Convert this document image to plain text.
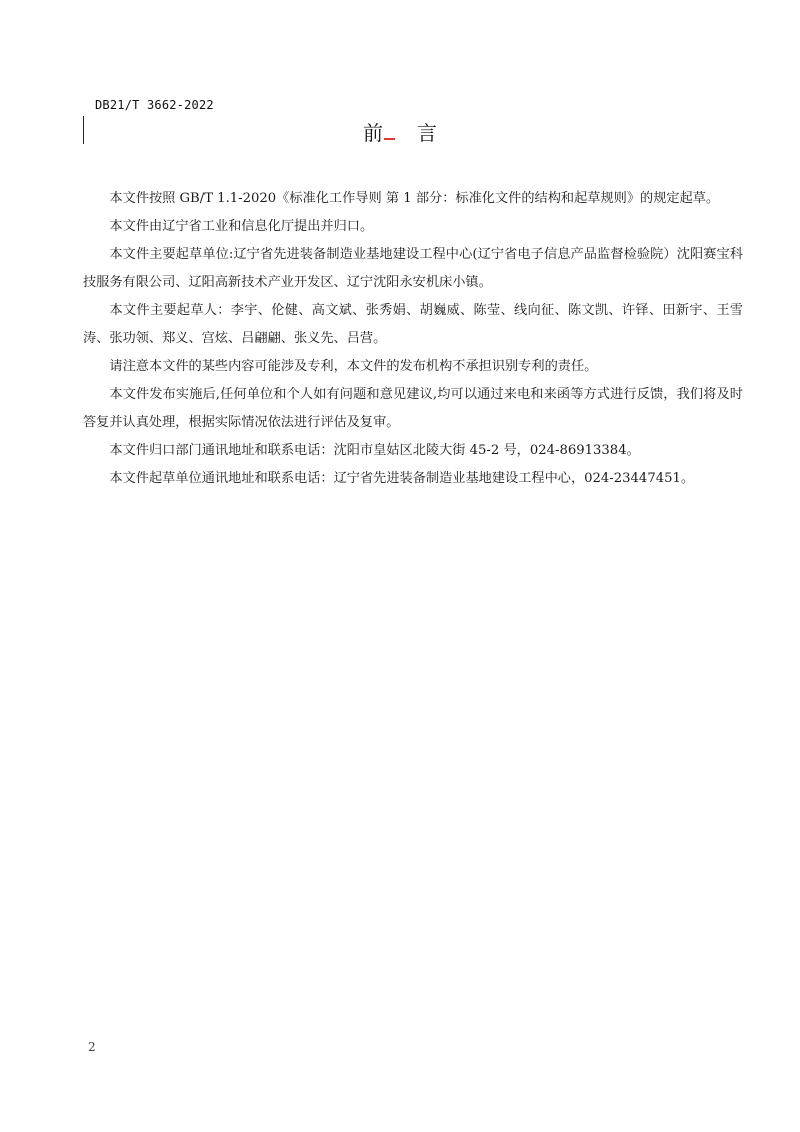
DB21/T 3662-2022
前 言

本文件按照 GB/T 1.1-2020《标准化工作导则 第 1 部分：标准化文件的结构和起草规则》的规定起草。

本文件由辽宁省工业和信息化厅提出并归口。

本文件主要起草单位:辽宁省先进装备制造业基地建设工程中心(辽宁省电子信息产品监督检验院）沈阳赛宝科技服务有限公司、辽阳高新技术产业开发区、辽宁沈阳永安机床小镇。

本文件主要起草人：李宇、伦健、高文斌、张秀娟、胡巍威、陈莹、线向征、陈文凯、许铎、田新宇、王雪涛、张功领、郑义、宫炫、吕翩翩、张义先、吕营。

请注意本文件的某些内容可能涉及专利，本文件的发布机构不承担识别专利的责任。

本文件发布实施后,任何单位和个人如有问题和意见建议,均可以通过来电和来函等方式进行反馈，我们将及时答复并认真处理，根据实际情况依法进行评估及复审。

本文件归口部门通讯地址和联系电话：沈阳市皇姑区北陵大街 45-2 号，024-86913384。

本文件起草单位通讯地址和联系电话：辽宁省先进装备制造业基地建设工程中心，024-23447451。

2
